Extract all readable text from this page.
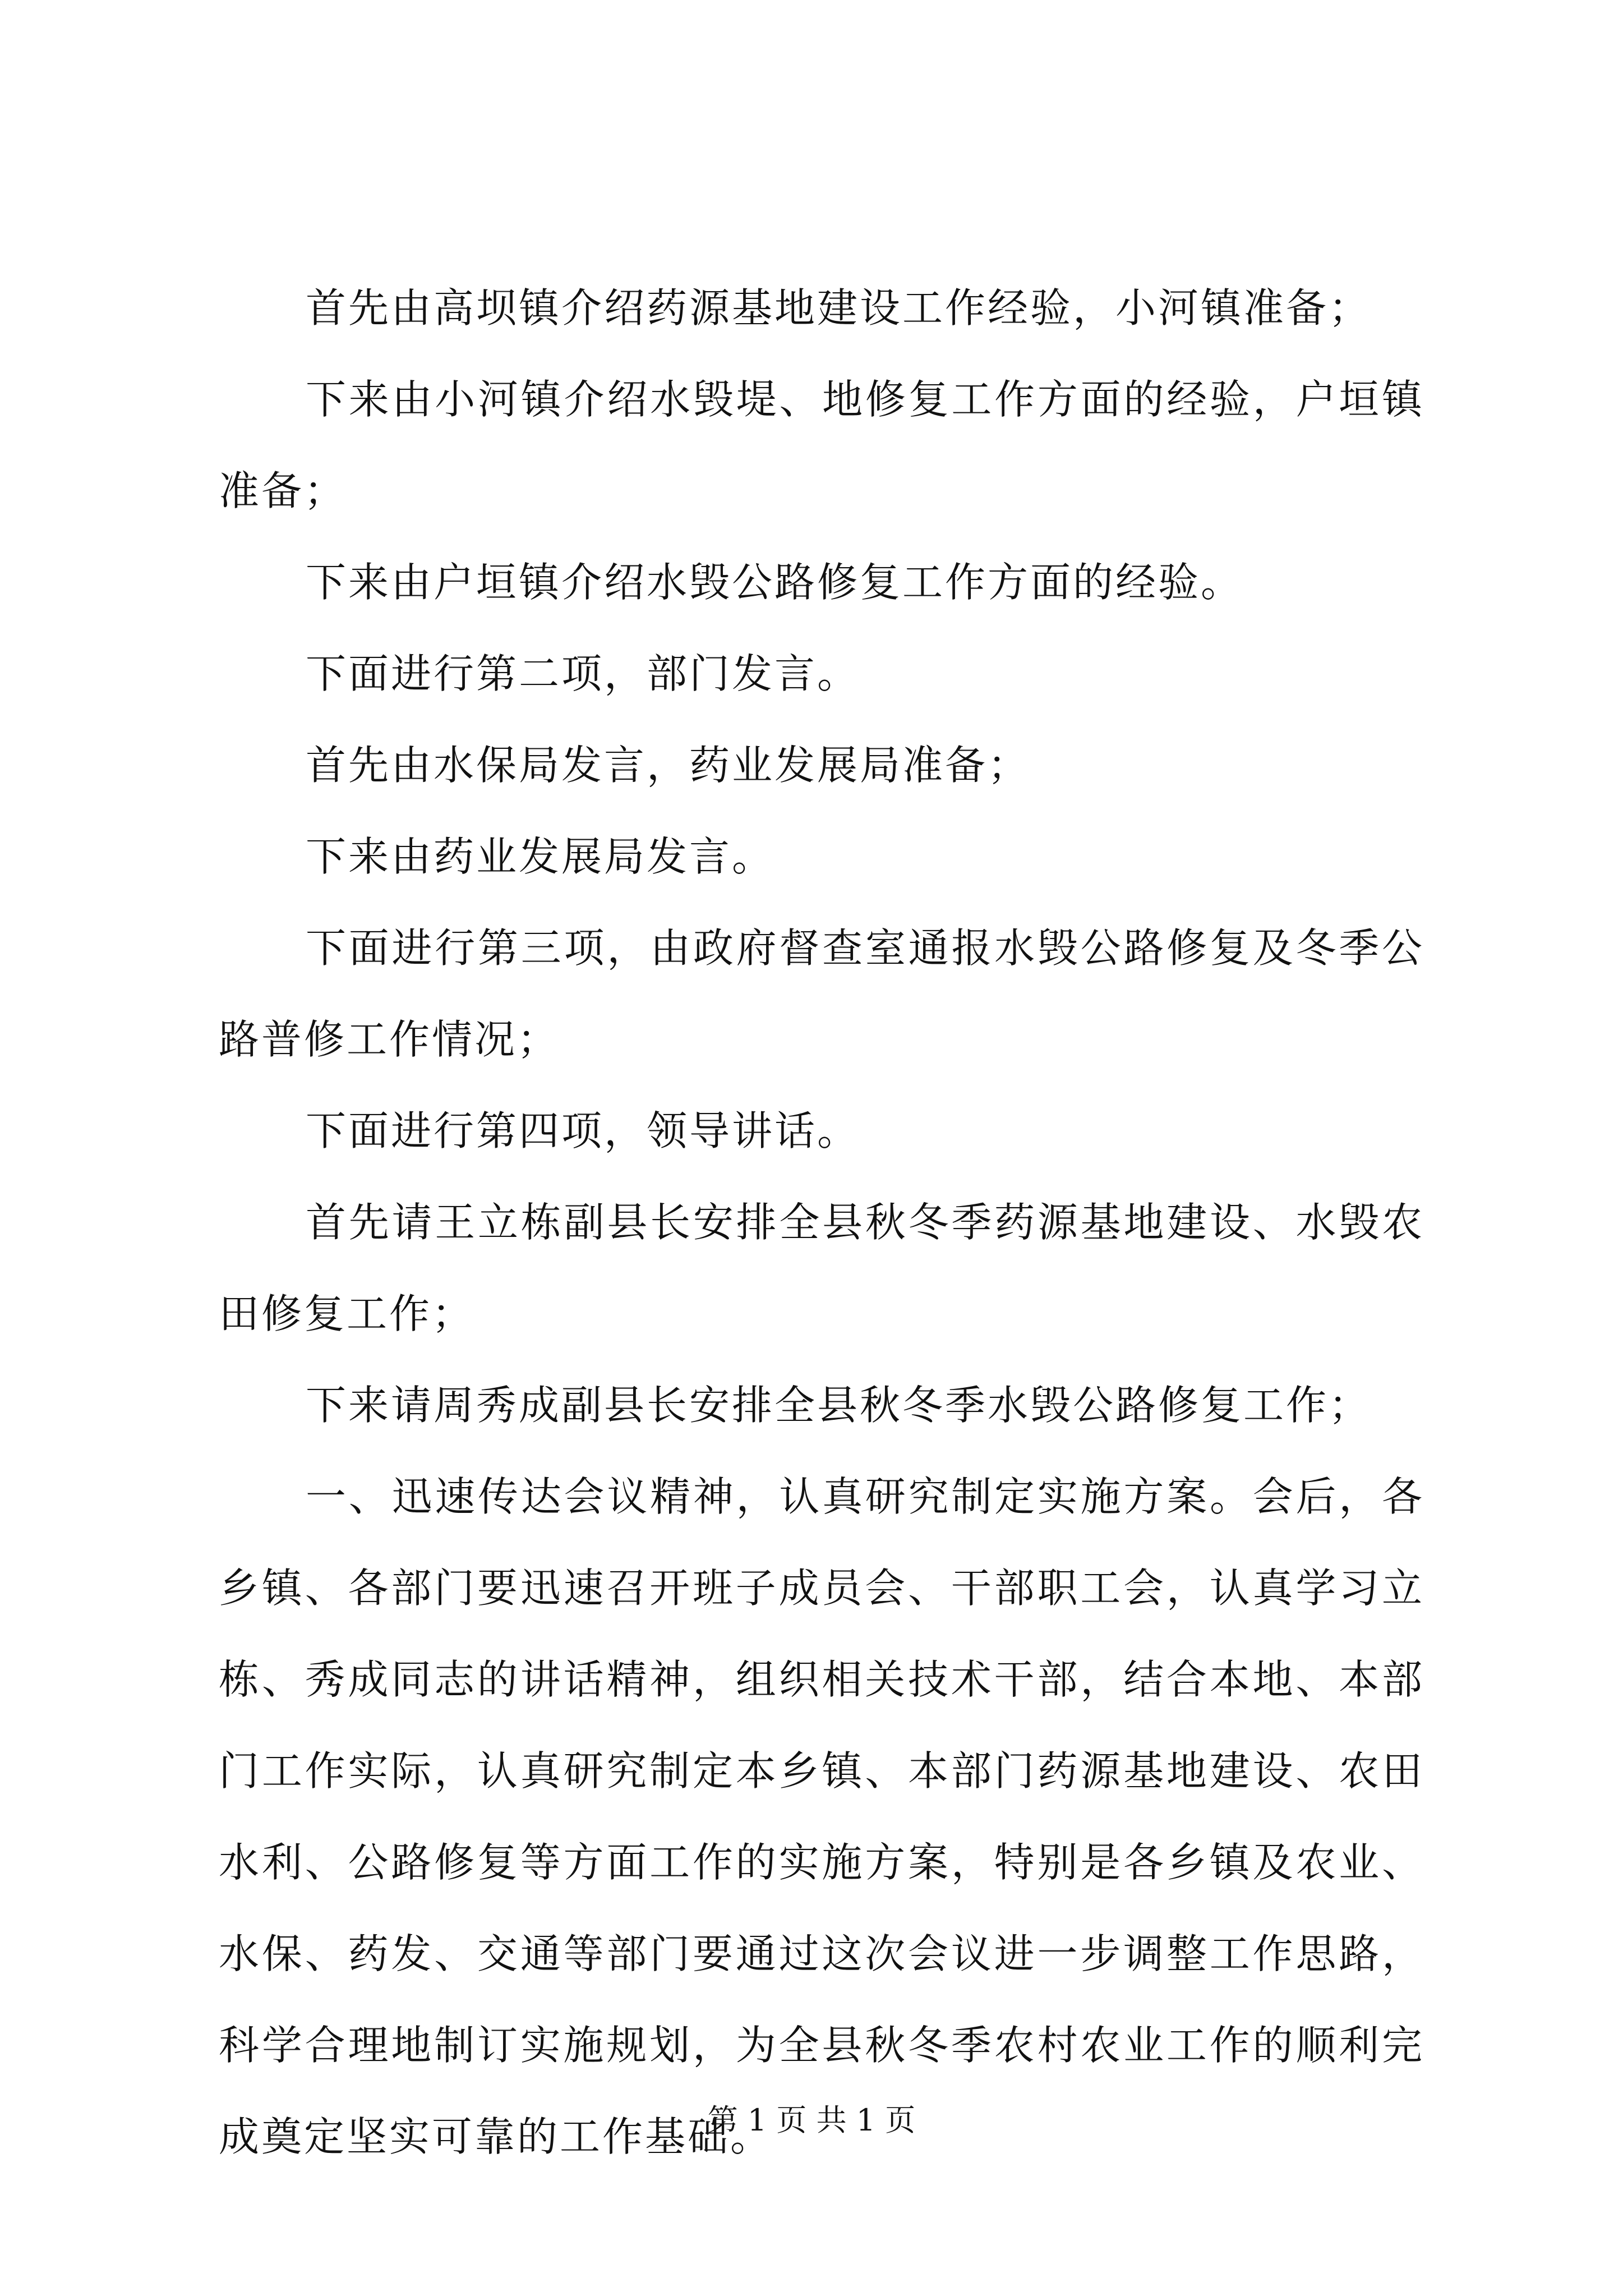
首先由高坝镇介绍药源基地建设工作经验，小河镇准备；

下来由小河镇介绍水毁堤、地修复工作方面的经验，户垣镇准备；

下来由户垣镇介绍水毁公路修复工作方面的经验。

下面进行第二项，部门发言。

首先由水保局发言，药业发展局准备；

下来由药业发展局发言。

下面进行第三项，由政府督查室通报水毁公路修复及冬季公路普修工作情况；

下面进行第四项，领导讲话。

首先请王立栋副县长安排全县秋冬季药源基地建设、水毁农田修复工作；

下来请周秀成副县长安排全县秋冬季水毁公路修复工作；

一、迅速传达会议精神，认真研究制定实施方案。会后，各乡镇、各部门要迅速召开班子成员会、干部职工会，认真学习立栋、秀成同志的讲话精神，组织相关技术干部，结合本地、本部门工作实际，认真研究制定本乡镇、本部门药源基地建设、农田水利、公路修复等方面工作的实施方案，特别是各乡镇及农业、水保、药发、交通等部门要通过这次会议进一步调整工作思路，科学合理地制订实施规划，为全县秋冬季农村农业工作的顺利完成奠定坚实可靠的工作基础。

第 1 页 共 1 页
